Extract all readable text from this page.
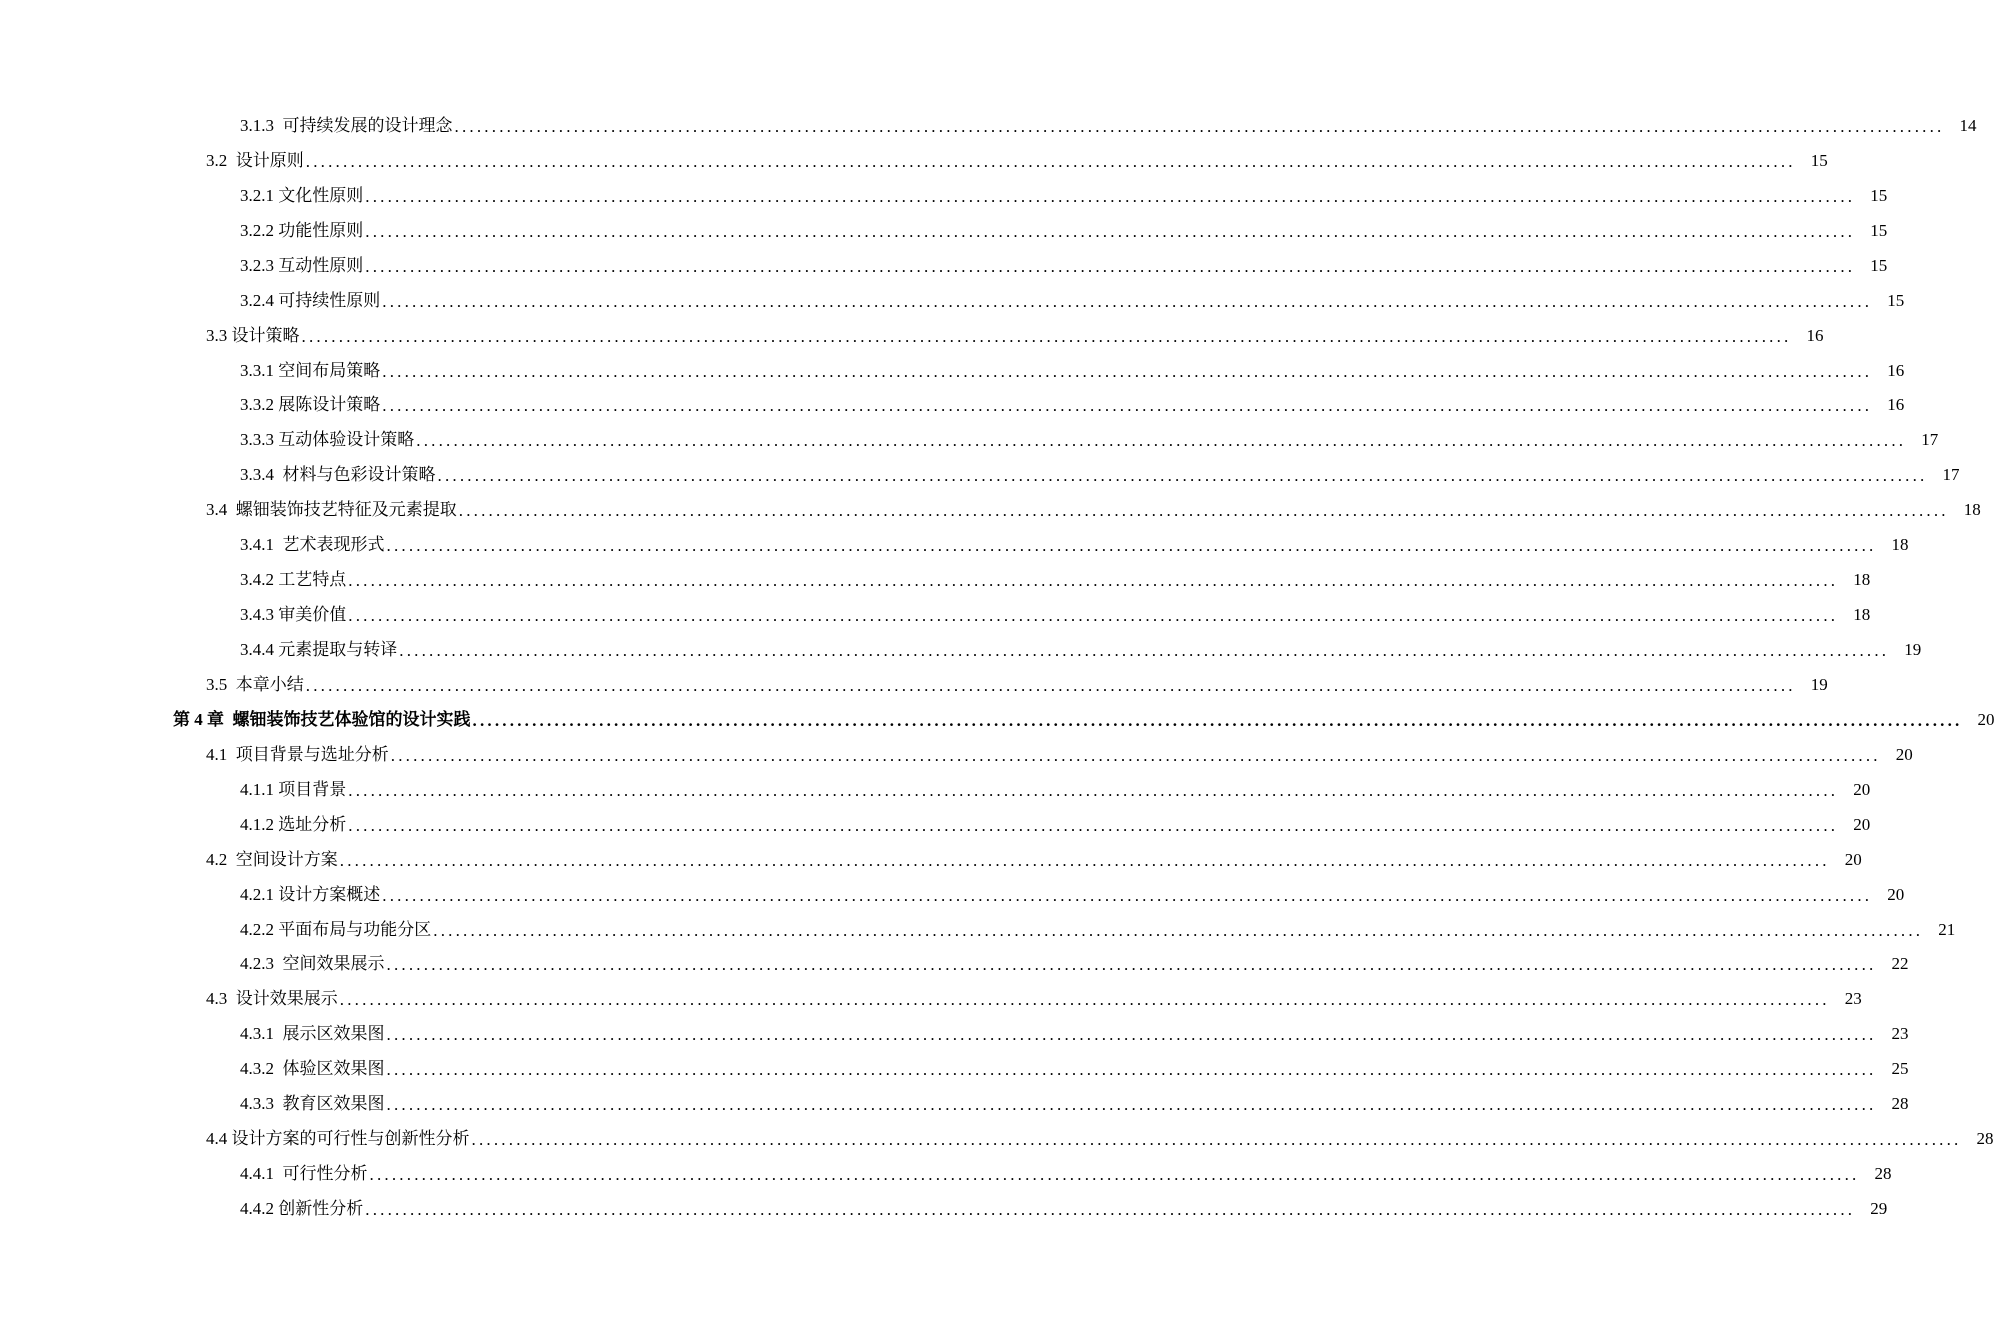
3.1.3  可持续发展的设计理念 ........................................................................................................................................................................................................ 14
3.2  设计原则 ........................................................................................................................................................................................................ 15
3.2.1 文化性原则 ........................................................................................................................................................................................................ 15
3.2.2 功能性原则 ........................................................................................................................................................................................................ 15
3.2.3 互动性原则 ........................................................................................................................................................................................................ 15
3.2.4 可持续性原则 ........................................................................................................................................................................................................ 15
3.3 设计策略 ........................................................................................................................................................................................................ 16
3.3.1 空间布局策略 ........................................................................................................................................................................................................ 16
3.3.2 展陈设计策略 ........................................................................................................................................................................................................ 16
3.3.3 互动体验设计策略 ........................................................................................................................................................................................................ 17
3.3.4  材料与色彩设计策略 ........................................................................................................................................................................................................ 17
3.4  螺钿装饰技艺特征及元素提取 ........................................................................................................................................................................................................ 18
3.4.1  艺术表现形式 ........................................................................................................................................................................................................ 18
3.4.2 工艺特点 ........................................................................................................................................................................................................ 18
3.4.3 审美价值 ........................................................................................................................................................................................................ 18
3.4.4 元素提取与转译 ........................................................................................................................................................................................................ 19
3.5  本章小结 ........................................................................................................................................................................................................ 19
第 4 章  螺钿装饰技艺体验馆的设计实践 ........................................................................................................................................................................................................ 20
4.1  项目背景与选址分析 ........................................................................................................................................................................................................ 20
4.1.1 项目背景 ........................................................................................................................................................................................................ 20
4.1.2 选址分析 ........................................................................................................................................................................................................ 20
4.2  空间设计方案 ........................................................................................................................................................................................................ 20
4.2.1 设计方案概述 ........................................................................................................................................................................................................ 20
4.2.2 平面布局与功能分区 ........................................................................................................................................................................................................ 21
4.2.3  空间效果展示 ........................................................................................................................................................................................................ 22
4.3  设计效果展示 ........................................................................................................................................................................................................ 23
4.3.1  展示区效果图 ........................................................................................................................................................................................................ 23
4.3.2  体验区效果图 ........................................................................................................................................................................................................ 25
4.3.3  教育区效果图 ........................................................................................................................................................................................................ 28
4.4 设计方案的可行性与创新性分析 ........................................................................................................................................................................................................ 28
4.4.1  可行性分析 ........................................................................................................................................................................................................ 28
4.4.2 创新性分析 ........................................................................................................................................................................................................ 29
